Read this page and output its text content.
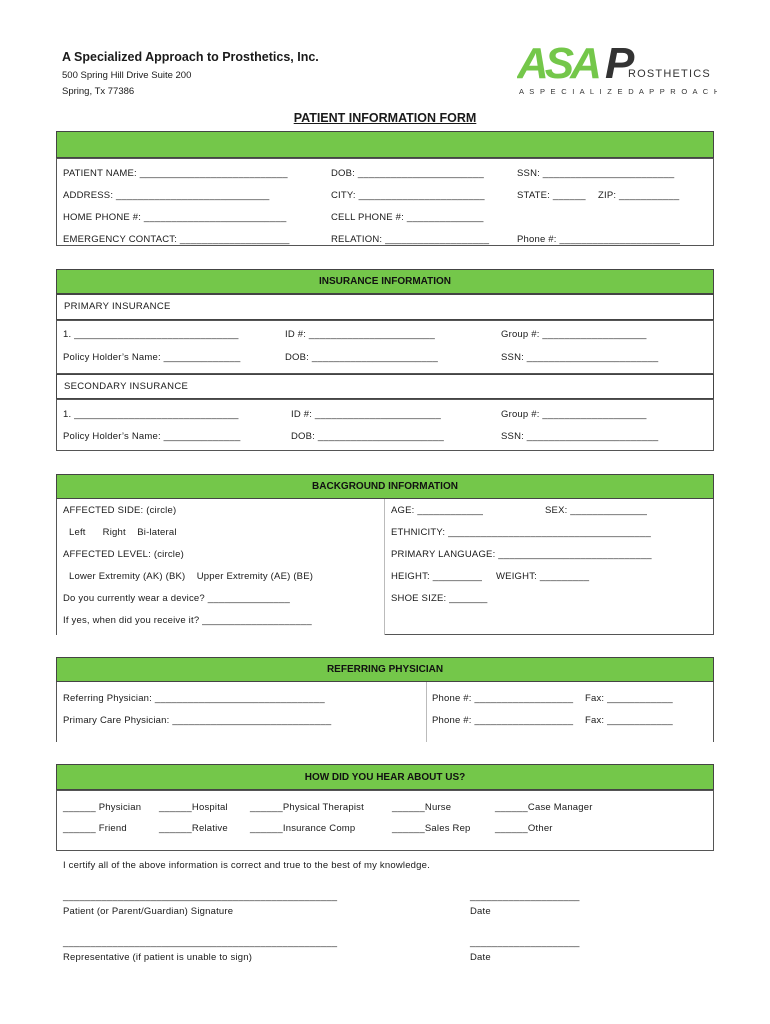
A Specialized Approach to Prosthetics, Inc.
500 Spring Hill Drive Suite 200
Spring, Tx 77386
ASA P
ROSTHETICS
A S P E C I A L I Z E D A P P R O A C H
PATIENT INFORMATION FORM
PATIENT NAME: ___________________________	DOB: _______________________	SSN: ________________________
ADDRESS: ____________________________	CITY: _______________________	STATE: ______ ZIP: ___________
HOME PHONE #: __________________________	CELL PHONE #: ______________
EMERGENCY CONTACT: ____________________	RELATION: ___________________	Phone #: ______________________
INSURANCE INFORMATION
PRIMARY INSURANCE
1. ______________________________	ID #: _______________________	Group #: ___________________
Policy Holder’s Name: ______________	DOB: _______________________	SSN: ________________________
SECONDARY INSURANCE
1. ______________________________	ID #: _______________________	Group #: ___________________
Policy Holder’s Name: ______________	DOB: _______________________	SSN: ________________________
BACKGROUND INFORMATION
AFFECTED SIDE: (circle)
Left      Right    Bi-lateral
AFFECTED LEVEL: (circle)
Lower Extremity (AK) (BK)    Upper Extremity (AE) (BE)
Do you currently wear a device? _______________
If yes, when did you receive it? ____________________
AGE: ____________	SEX: ______________
ETHNICITY: _____________________________________
PRIMARY LANGUAGE: ____________________________
HEIGHT: _________ WEIGHT: _________
SHOE SIZE: _______
REFERRING PHYSICIAN
Referring Physician: _______________________________	Phone #: __________________ Fax: ____________
Primary Care Physician: _____________________________	Phone #: __________________ Fax: ____________
HOW DID YOU HEAR ABOUT US?
______ Physician ______Hospital ______Physical Therapist	______Nurse	______Case Manager
______ Friend	______Relative ______Insurance Comp	______Sales Rep	______Other
I certify all of the above information is correct and true to the best of my knowledge.
__________________________________________________	____________________
Patient (or Parent/Guardian) Signature	Date
__________________________________________________	____________________
Representative (if patient is unable to sign)	Date
